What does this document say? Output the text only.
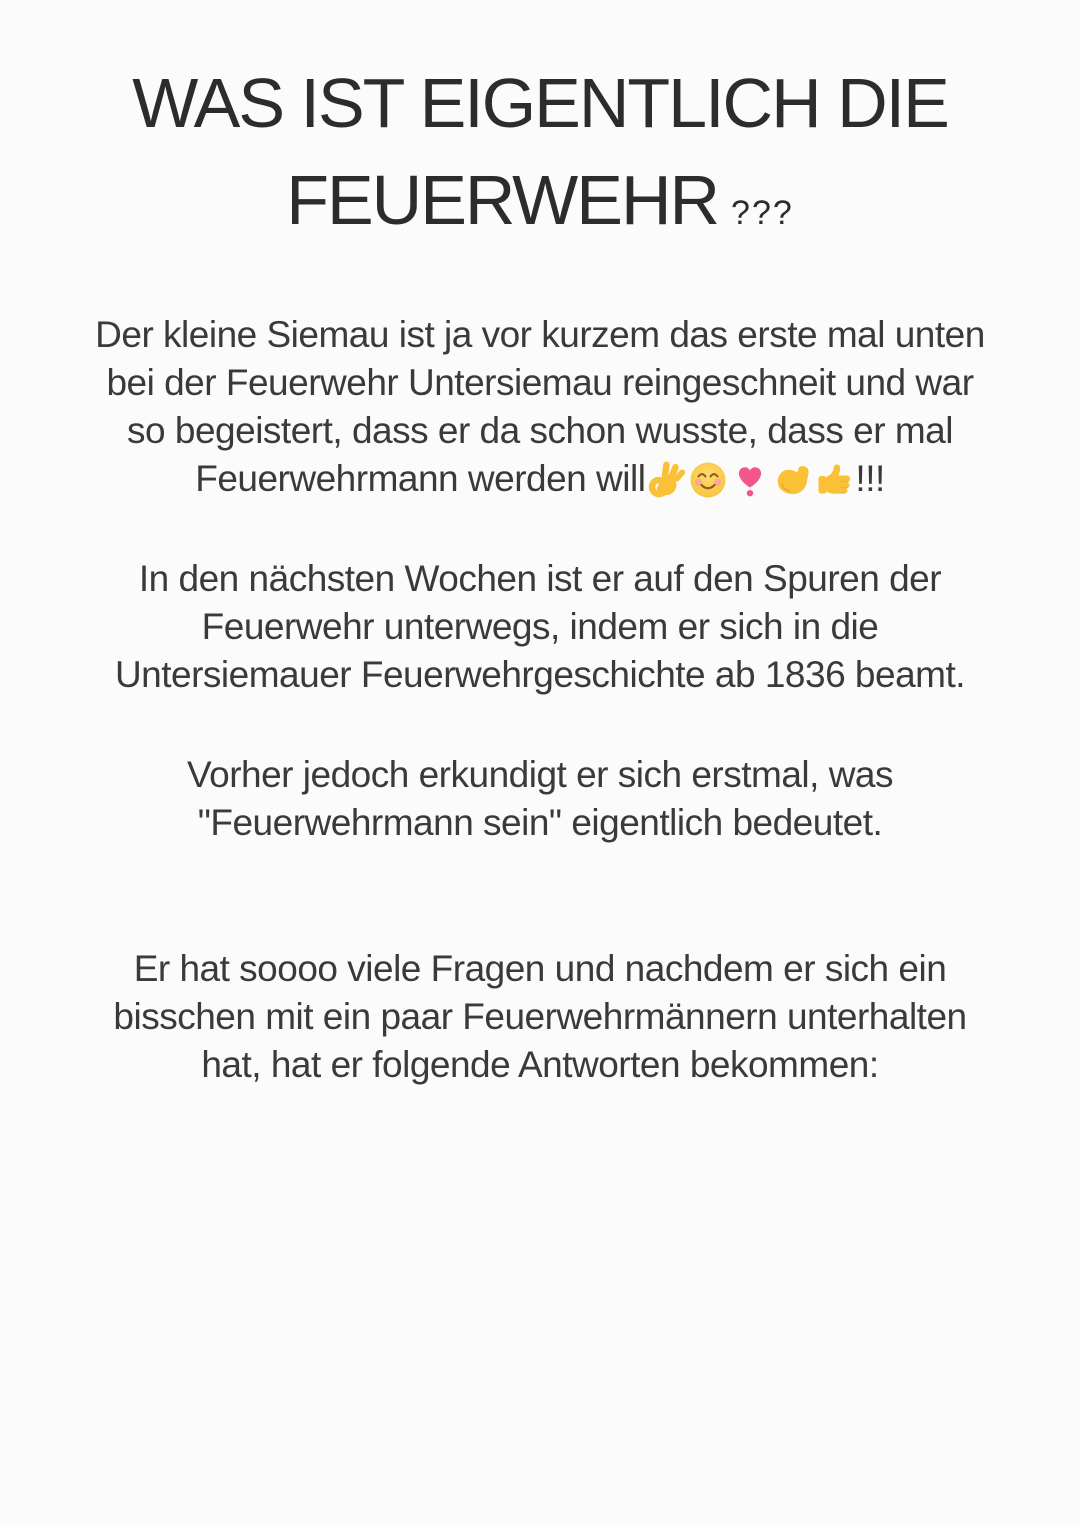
WAS IST EIGENTLICH DIE
FEUERWEHR ???

Der kleine Siemau ist ja vor kurzem das erste mal unten
bei der Feuerwehr Untersiemau reingeschneit und war
so begeistert, dass er da schon wusste, dass er mal
Feuerwehrmann werden will	!!!

In den nächsten Wochen ist er auf den Spuren der
Feuerwehr unterwegs, indem er sich in die
Untersiemauer Feuerwehrgeschichte ab 1836 beamt.

Vorher jedoch erkundigt er sich erstmal, was
"Feuerwehrmann sein" eigentlich bedeutet.

Er hat soooo viele Fragen und nachdem er sich ein
bisschen mit ein paar Feuerwehrmännern unterhalten
hat, hat er folgende Antworten bekommen:
